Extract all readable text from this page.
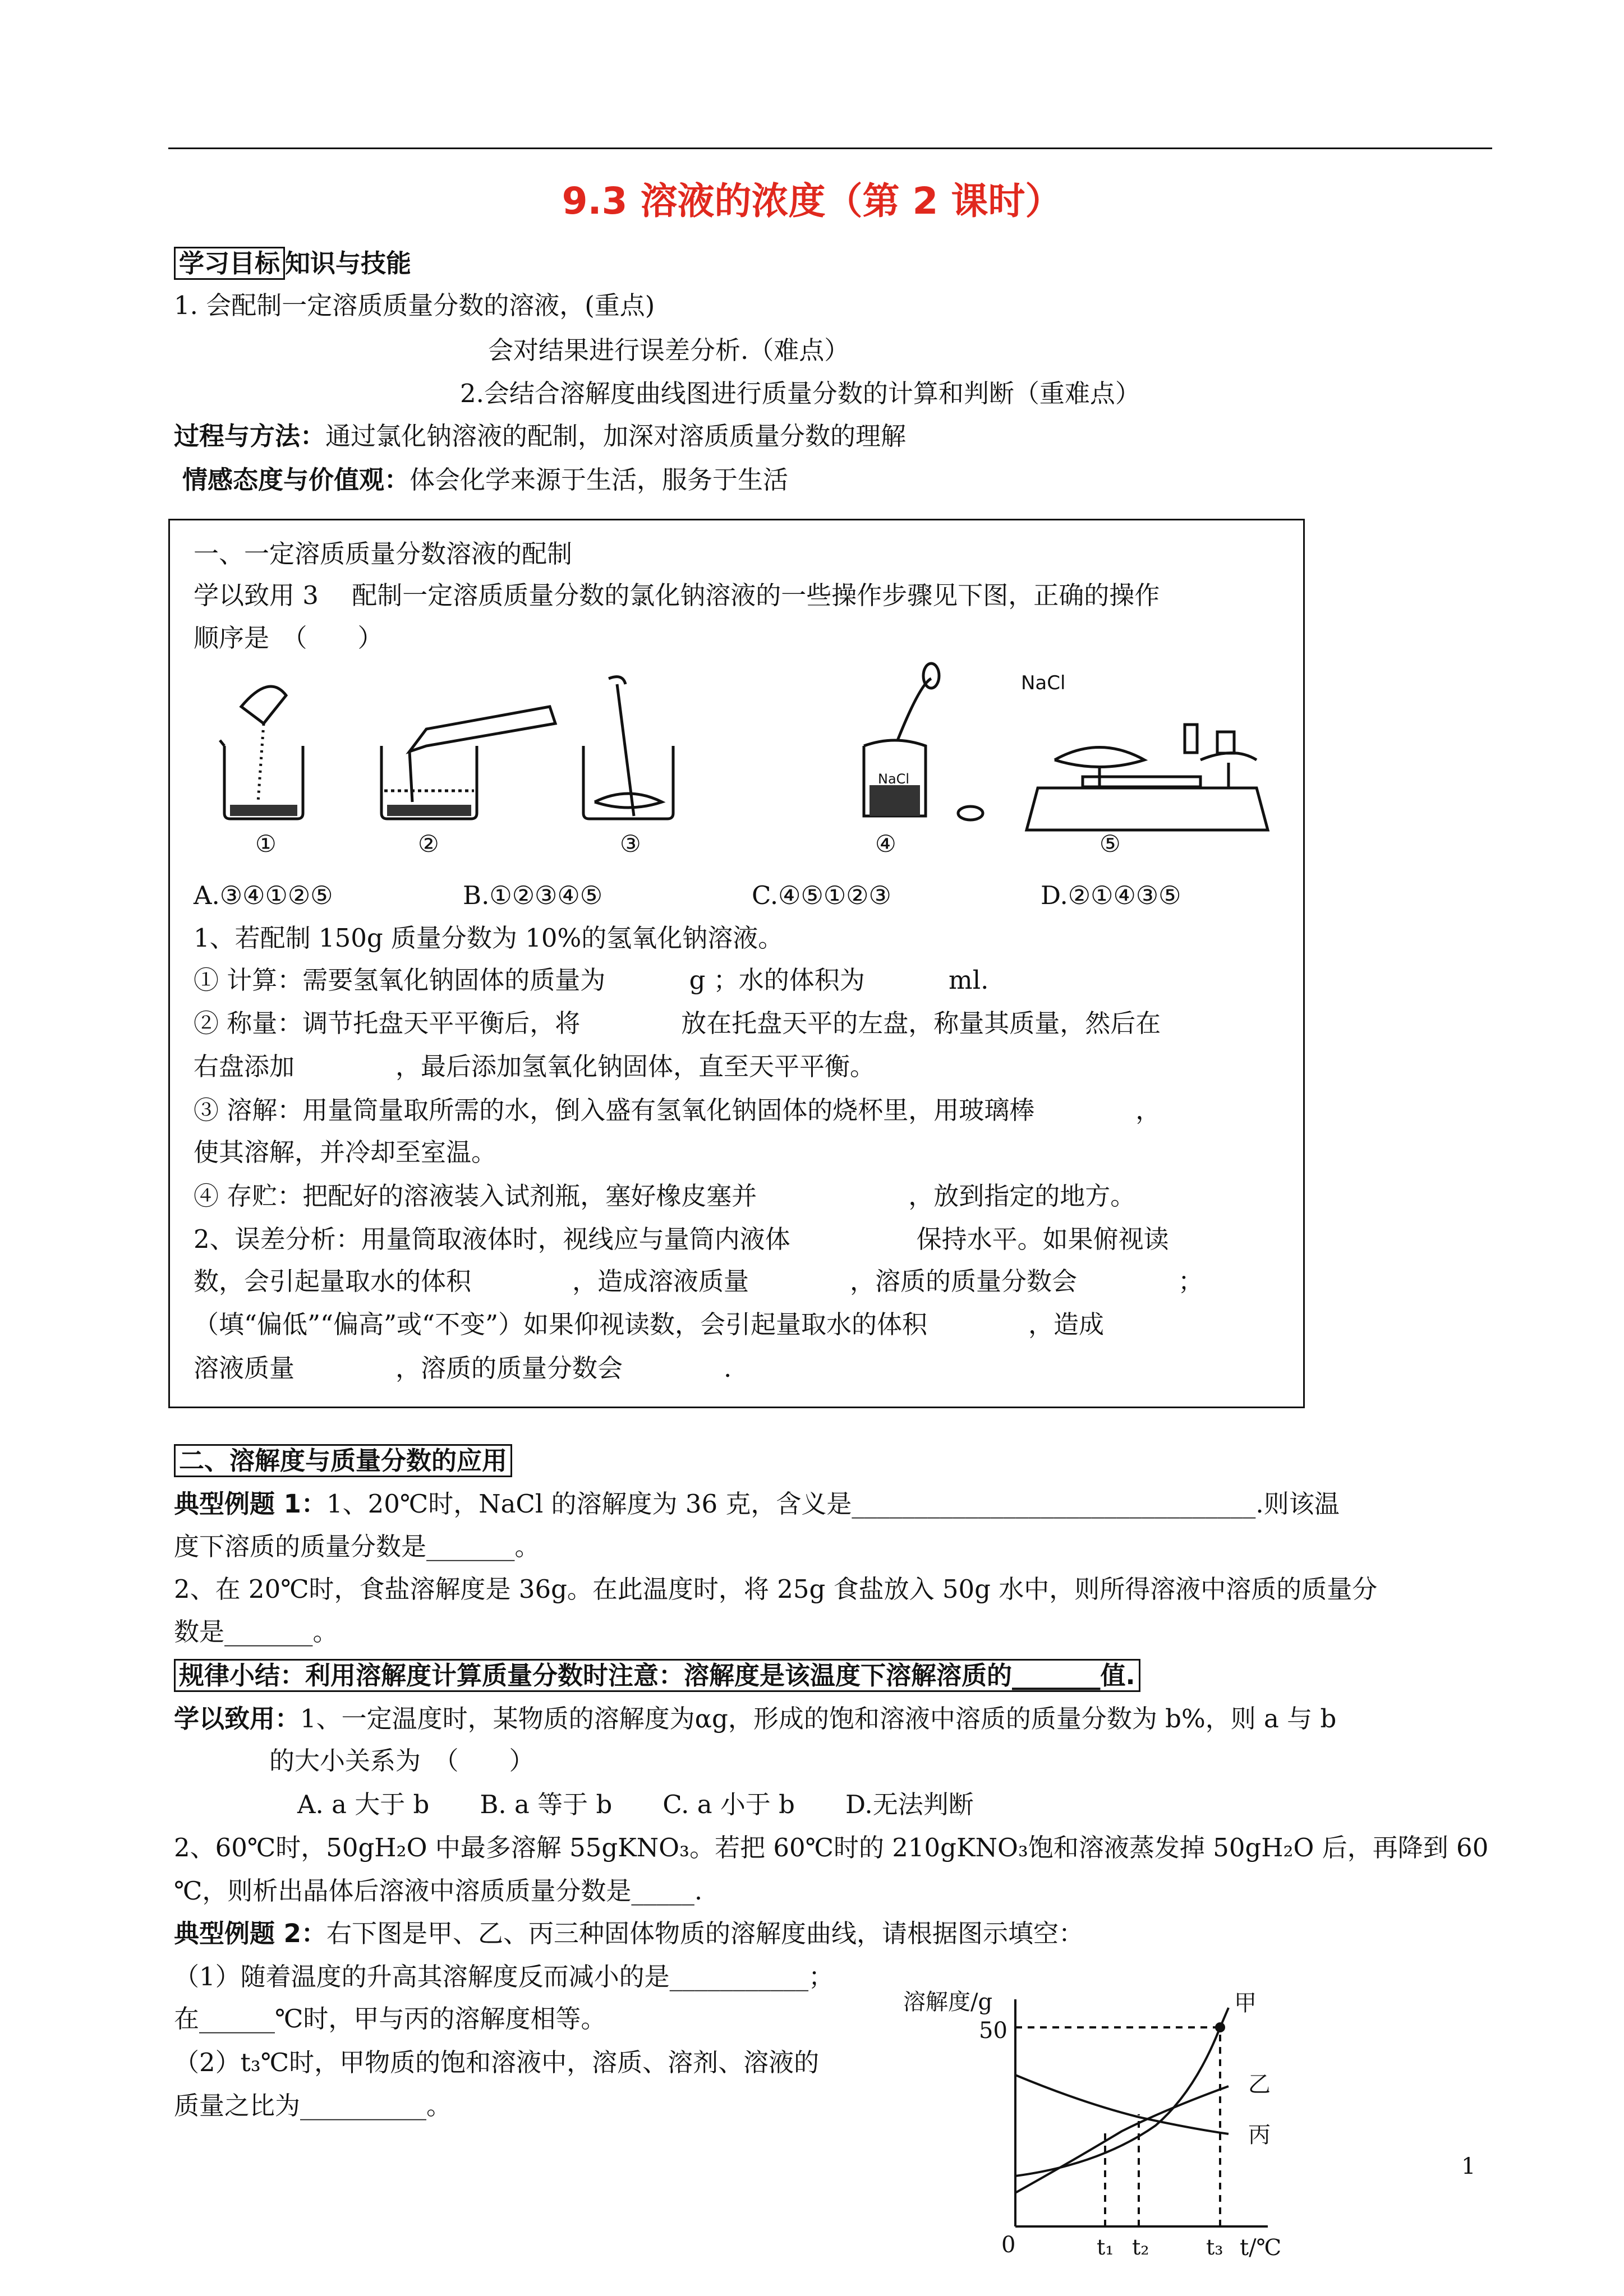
9.3 溶液的浓度（第 2 课时）
学习目标 知识与技能
1. 会配制一定溶质质量分数的溶液，(重点)
会对结果进行误差分析.（难点）
2.会结合溶解度曲线图进行质量分数的计算和判断（重难点）
过程与方法：通过氯化钠溶液的配制，加深对溶质质量分数的理解
情感态度与价值观：体会化学来源于生活，服务于生活
一、一定溶质质量分数溶液的配制
学以致用 3　 配制一定溶质质量分数的氯化钠溶液的一些操作步骤见下图，正确的操作
顺序是　（　　）
NaCl
NaCl
①	②	③	④	⑤
A.③④①②⑤	B.①②③④⑤	C.④⑤①②③	D.②①④③⑤
1、若配制 150g 质量分数为 10%的氢氧化钠溶液。
① 计算：需要氢氧化钠固体的质量为　　　 g ；水的体积为　　　 ml.
② 称量：调节托盘天平平衡后，将　　　　放在托盘天平的左盘，称量其质量，然后在
右盘添加　　　　，最后添加氢氧化钠固体，直至天平平衡。
③ 溶解：用量筒量取所需的水，倒入盛有氢氧化钠固体的烧杯里，用玻璃棒　　　　，
使其溶解，并冷却至室温。
④ 存贮：把配好的溶液装入试剂瓶，塞好橡皮塞并　　　　　　，放到指定的地方。
2、误差分析：用量筒取液体时，视线应与量筒内液体　　　　　保持水平。如果俯视读
数，会引起量取水的体积　　　　，造成溶液质量　　　　，溶质的质量分数会　　　　；
（填“偏低”“偏高”或“不变”）如果仰视读数，会引起量取水的体积　　　　，造成
溶液质量　　　　，溶质的质量分数会　　　　.
二、溶解度与质量分数的应用
典型例题 1：1、20℃时，NaCl 的溶解度为 36 克，含义是________________________________.则该温
度下溶质的质量分数是_______。
2、在 20℃时，食盐溶解度是 36g。在此温度时，将 25g 食盐放入 50g 水中，则所得溶液中溶质的质量分
数是_______。
规律小结：利用溶解度计算质量分数时注意：溶解度是该温度下溶解溶质的_______值.
学以致用：1、一定温度时，某物质的溶解度为αg，形成的饱和溶液中溶质的质量分数为 b%，则 a 与 b
的大小关系为　（　　）
A. a 大于 b　　B. a 等于 b　　C. a 小于 b　　D.无法判断
2、60℃时，50gH₂O 中最多溶解 55gKNO₃。若把 60℃时的 210gKNO₃饱和溶液蒸发掉 50gH₂O 后，再降到 60
℃，则析出晶体后溶液中溶质质量分数是_____.
典型例题 2：右下图是甲、乙、丙三种固体物质的溶解度曲线，请根据图示填空：
（1）随着温度的升高其溶解度反而减小的是___________；
在______℃时，甲与丙的溶解度相等。
（2）t₃℃时，甲物质的饱和溶液中，溶质、溶剂、溶液的
质量之比为__________。
溶解度/g
50
0	t₁ t₂	t₃ t/℃
甲
乙
丙
1
